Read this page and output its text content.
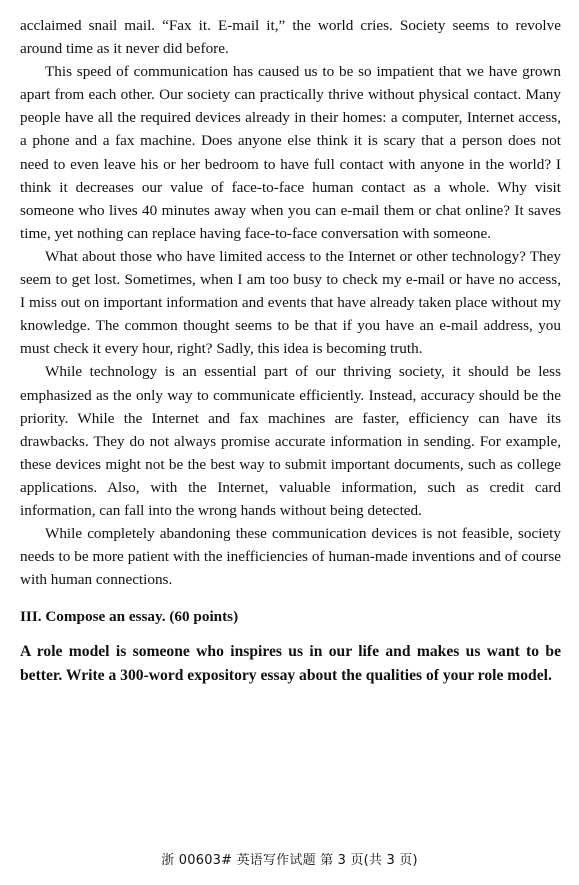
acclaimed snail mail. “Fax it. E-mail it,” the world cries. Society seems to revolve around time as it never did before.

This speed of communication has caused us to be so impatient that we have grown apart from each other. Our society can practically thrive without physical contact. Many people have all the required devices already in their homes: a computer, Internet access, a phone and a fax machine. Does anyone else think it is scary that a person does not need to even leave his or her bedroom to have full contact with anyone in the world? I think it decreases our value of face-to-face human contact as a whole. Why visit someone who lives 40 minutes away when you can e-mail them or chat online? It saves time, yet nothing can replace having face-to-face conversation with someone.

What about those who have limited access to the Internet or other technology? They seem to get lost. Sometimes, when I am too busy to check my e-mail or have no access, I miss out on important information and events that have already taken place without my knowledge. The common thought seems to be that if you have an e-mail address, you must check it every hour, right? Sadly, this idea is becoming truth.

While technology is an essential part of our thriving society, it should be less emphasized as the only way to communicate efficiently. Instead, accuracy should be the priority. While the Internet and fax machines are faster, efficiency can have its drawbacks. They do not always promise accurate information in sending. For example, these devices might not be the best way to submit important documents, such as college applications. Also, with the Internet, valuable information, such as credit card information, can fall into the wrong hands without being detected.

While completely abandoning these communication devices is not feasible, society needs to be more patient with the inefficiencies of human-made inventions and of course with human connections.

III. Compose an essay. (60 points)

A role model is someone who inspires us in our life and makes us want to be better. Write a 300-word expository essay about the qualities of your role model.

浙 00603# 英语写作试题 第 3 页(共 3 页)
